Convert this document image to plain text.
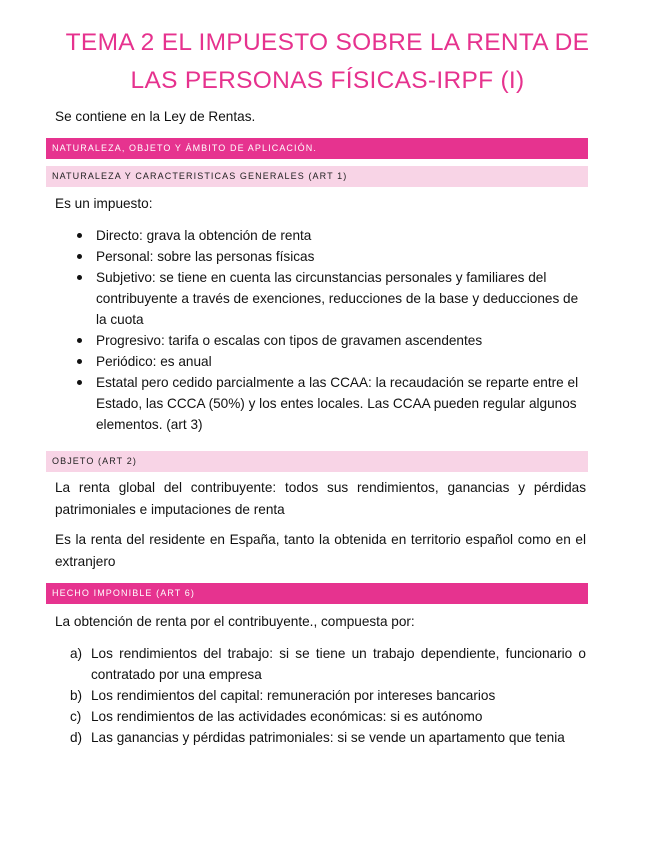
TEMA 2 EL IMPUESTO SOBRE LA RENTA DE
LAS PERSONAS FÍSICAS-IRPF (I)
Se contiene en la Ley de Rentas.
NATURALEZA, OBJETO Y ÁMBITO DE APLICACIÓN.
NATURALEZA Y CARACTERISTICAS GENERALES (ART 1)
Es un impuesto:
Directo: grava la obtención de renta
Personal: sobre las personas físicas
Subjetivo: se tiene en cuenta las circunstancias personales y familiares del
contribuyente a través de exenciones, reducciones de la base y deducciones de
la cuota
Progresivo: tarifa o escalas con tipos de gravamen ascendentes
Periódico: es anual
Estatal pero cedido parcialmente a las CCAA: la recaudación se reparte entre el
Estado, las CCCA (50%) y los entes locales. Las CCAA pueden regular algunos
elementos. (art 3)
OBJETO (ART 2)
La renta global del contribuyente: todos sus rendimientos, ganancias y pérdidas
patrimoniales e imputaciones de renta
Es la renta del residente en España, tanto la obtenida en territorio español como en el
extranjero
HECHO IMPONIBLE (ART 6)
La obtención de renta por el contribuyente., compuesta por:
a) Los rendimientos del trabajo: si se tiene un trabajo dependiente, funcionario o
contratado por una empresa
b) Los rendimientos del capital: remuneración por intereses bancarios
c) Los rendimientos de las actividades económicas: si es autónomo
d) Las ganancias y pérdidas patrimoniales: si se vende un apartamento que tenia
